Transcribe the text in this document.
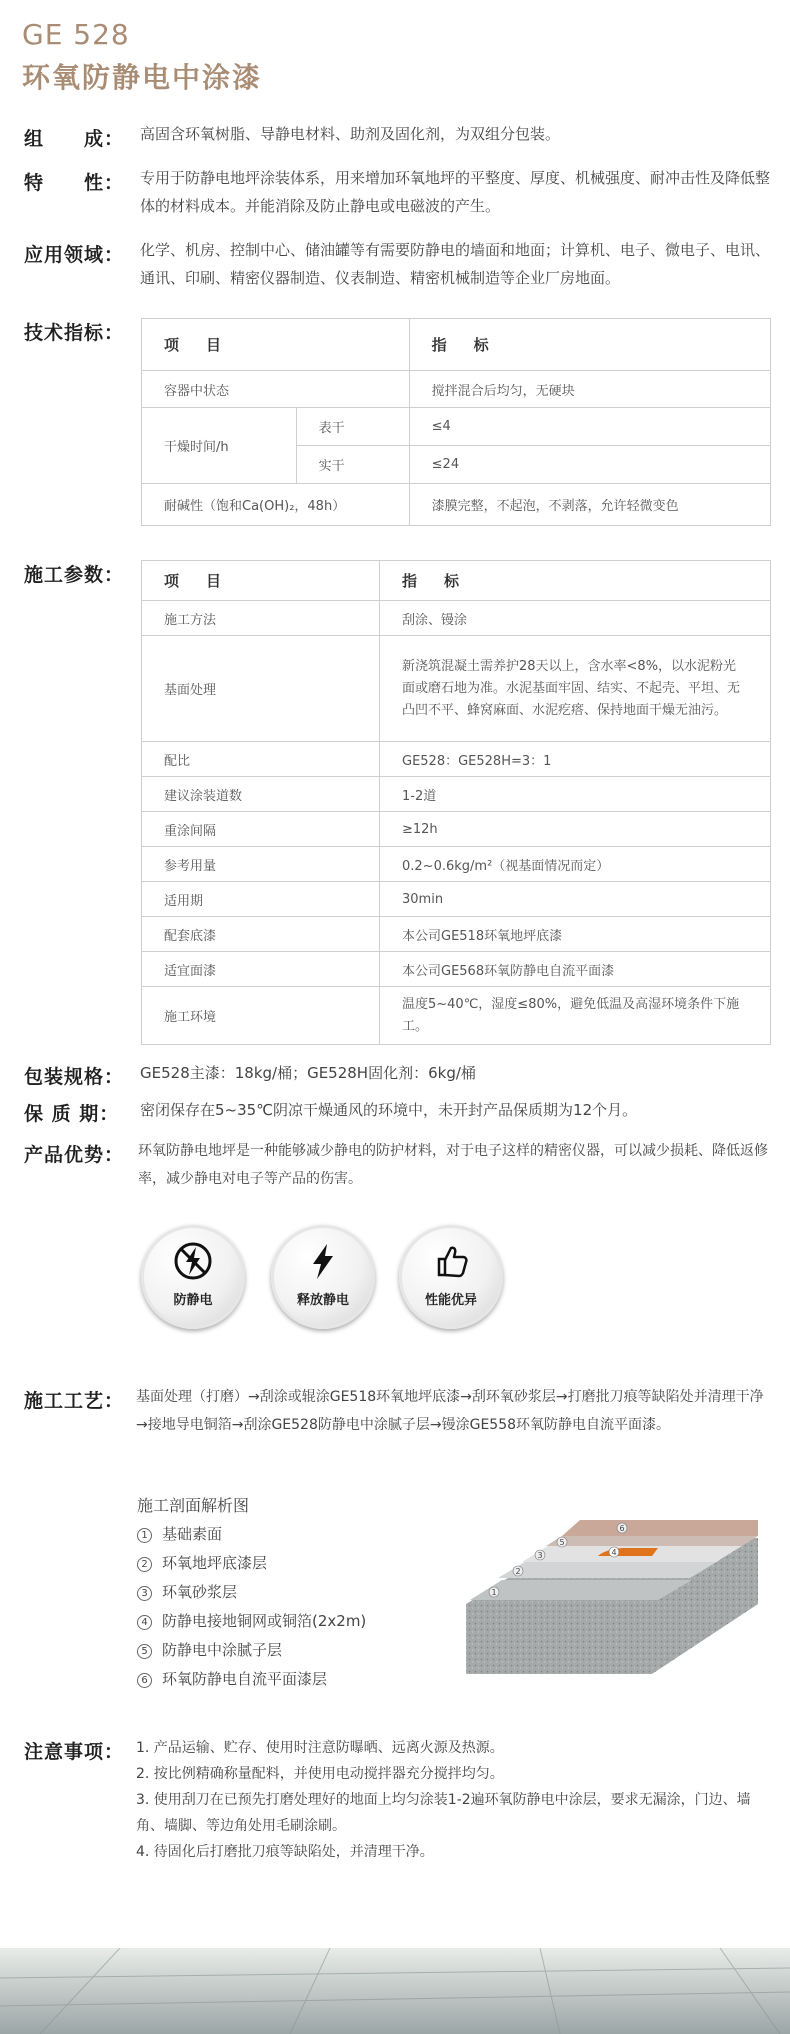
GE 528
环氧防静电中涂漆
组　　成： 高固含环氧树脂、导静电材料、助剂及固化剂，为双组分包装。
特　　性： 专用于防静电地坪涂装体系，用来增加环氧地坪的平整度、厚度、机械强度、耐冲击性及降低整体的材料成本。并能消除及防止静电或电磁波的产生。
应用领域： 化学、机房、控制中心、储油罐等有需要防静电的墙面和地面；计算机、电子、微电子、电讯、通讯、印刷、精密仪器制造、仪表制造、精密机械制造等企业厂房地面。
技术指标：
项　目		指　标
容器中状态		搅拌混合后均匀，无硬块
干燥时间/h	表干	≤4
	实干	≤24
耐碱性（饱和Ca(OH)₂，48h）		漆膜完整，不起泡，不剥落，允许轻微变色
施工参数：	项　目	指　标
施工方法	刮涂、镘涂
基面处理	新浇筑混凝土需养护28天以上，含水率<8%，以水泥粉光面或磨石地为准。水泥基面牢固、结实、不起壳、平坦、无凸凹不平、蜂窝麻面、水泥疙瘩、保持地面干燥无油污。
配比	GE528：GE528H=3：1
建议涂装道数	1-2道
重涂间隔	≥12h
参考用量	0.2~0.6kg/m²（视基面情况而定）
适用期	30min
配套底漆	本公司GE518环氧地坪底漆
适宜面漆	本公司GE568环氧防静电自流平面漆
施工环境	温度5~40℃，湿度≤80%，避免低温及高湿环境条件下施工。
包装规格： GE528主漆：18kg/桶；GE528H固化剂：6kg/桶
保 质 期： 密闭保存在5~35℃阴凉干燥通风的环境中，未开封产品保质期为12个月。
产品优势： 环氧防静电地坪是一种能够减少静电的防护材料，对于电子这样的精密仪器，可以减少损耗、降低返修率，减少静电对电子等产品的伤害。
防静电	释放静电	性能优异
施工工艺： 基面处理（打磨）→刮涂或辊涂GE518环氧地坪底漆→刮环氧砂浆层→打磨批刀痕等缺陷处并清理干净→接地导电铜箔→刮涂GE528防静电中涂腻子层→镘涂GE558环氧防静电自流平面漆。
施工剖面解析图
1 基础素面
2 环氧地坪底漆层
3 环氧砂浆层
4 防静电接地铜网或铜箔(2x2m)
5 防静电中涂腻子层
6 环氧防静电自流平面漆层
1
2
3	4
5
6
注意事项： 1. 产品运输、贮存、使用时注意防曝晒、远离火源及热源。
2. 按比例精确称量配料，并使用电动搅拌器充分搅拌均匀。
3. 使用刮刀在已预先打磨处理好的地面上均匀涂装1-2遍环氧防静电中涂层，要求无漏涂，门边、墙角、墙脚、等边角处用毛刷涂刷。
4. 待固化后打磨批刀痕等缺陷处，并清理干净。
